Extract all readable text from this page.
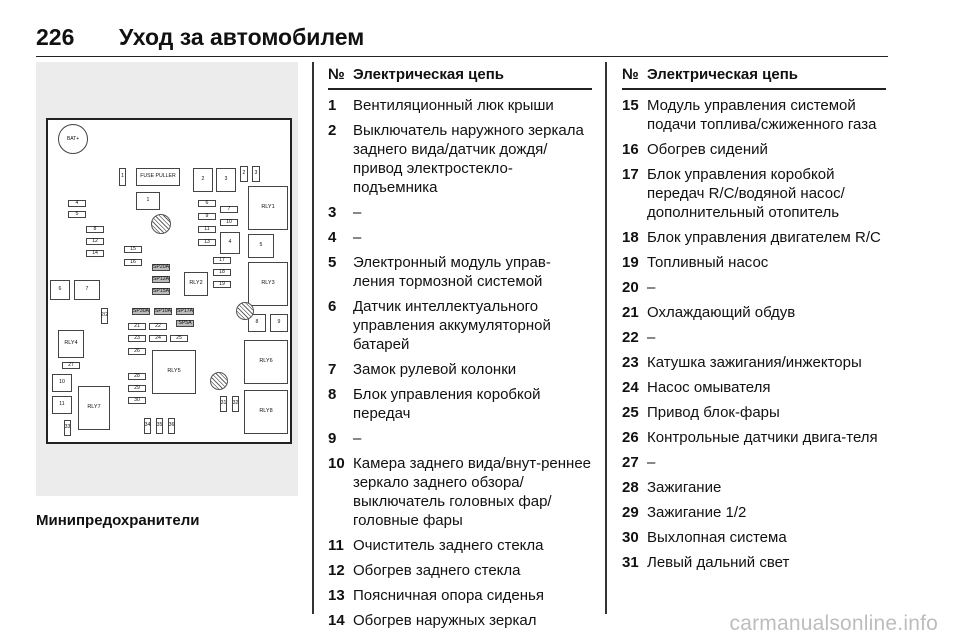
226 Уход за автомобилем
BAT+
1	FUSE PULLER
1
2	3
2	3
RLY1
4
5
8
12
14
15
16
6
7
9
10
11
13	4	5
SP20A
SP12A
SP15A
RLY2
17
18
19	RLY3
6	7
2/2
SP30A SP10A SP17A
SP5A	8	9
21	22
23	24	25
26
RLY4
27
RLY5
RLY6
28
29
30
10
11	RLY7
31 32
RLY8
33	34 35 36
Минипредохранители
№ Электрическая цепь
1	Вентиляционный люк крыши
2	Выключатель наружного зеркала заднего вида/датчик дождя/привод электростекло-подъемника
3	–
4	–
5	Электронный модуль управ-ления тормозной системой
6	Датчик интеллектуального управления аккумуляторной батарей
7	Замок рулевой колонки
8	Блок управления коробкой передач
9	–
10 Камера заднего вида/внут-реннее зеркало заднего обзора/выключатель головных фар/головные фары
11 Очиститель заднего стекла
12 Обогрев заднего стекла
13 Поясничная опора сиденья
14 Обогрев наружных зеркал
№ Электрическая цепь
15 Модуль управления системой подачи топлива/сжиженного газа
16 Обогрев сидений
17 Блок управления коробкой передач R/C/водяной насос/ дополнительный отопитель
18 Блок управления двигателем R/C
19 Топливный насос
20 –
21 Охлаждающий обдув
22 –
23 Катушка зажигания/инжекторы
24 Насос омывателя
25 Привод блок-фары
26 Контрольные датчики двига-теля
27 –
28 Зажигание
29 Зажигание 1/2
30 Выхлопная система
31 Левый дальний свет
carmanualsonline.info
